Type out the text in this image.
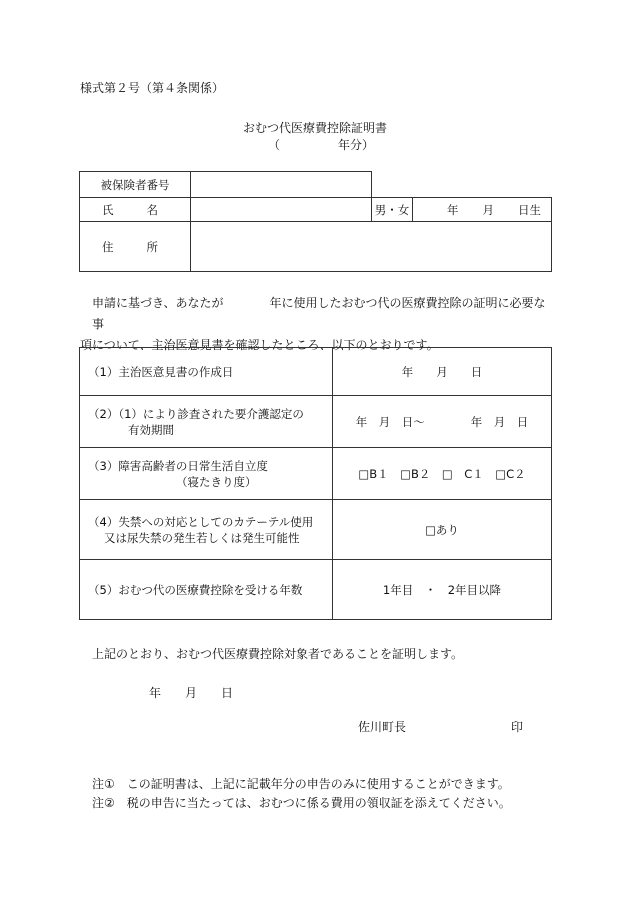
様式第２号（第４条関係）
おむつ代医療費控除証明書
（	年分）
被保険者番号			

氏 名		男・女	年 月 日生

住 所			

申請に基づき、あなたが	年に使用したおむつ代の医療費控除の証明に必要な事
項について、主治医意見書を確認したところ、以下のとおりです。
（1）主治医意見書の作成日	年　　月　　日

（2）（1）により診査された要介護認定の
有効期間	年　月　日～　　　　年　月　日

（3）障害高齢者の日常生活自立度
（寝たきり度）	□B１　□B２　□　C１　□C２

（4）失禁への対応としてのカテーテル使用
又は尿失禁の発生若しくは発生可能性	□あり
（5）おむつ代の医療費控除を受ける年数	1年目　・　2年目以降
上記のとおり、おむつ代医療費控除対象者であることを証明します。
年　　月　　日
佐川町長	印
注①　この証明書は、上記に記載年分の申告のみに使用することができます。
注②　税の申告に当たっては、おむつに係る費用の領収証を添えてください。
